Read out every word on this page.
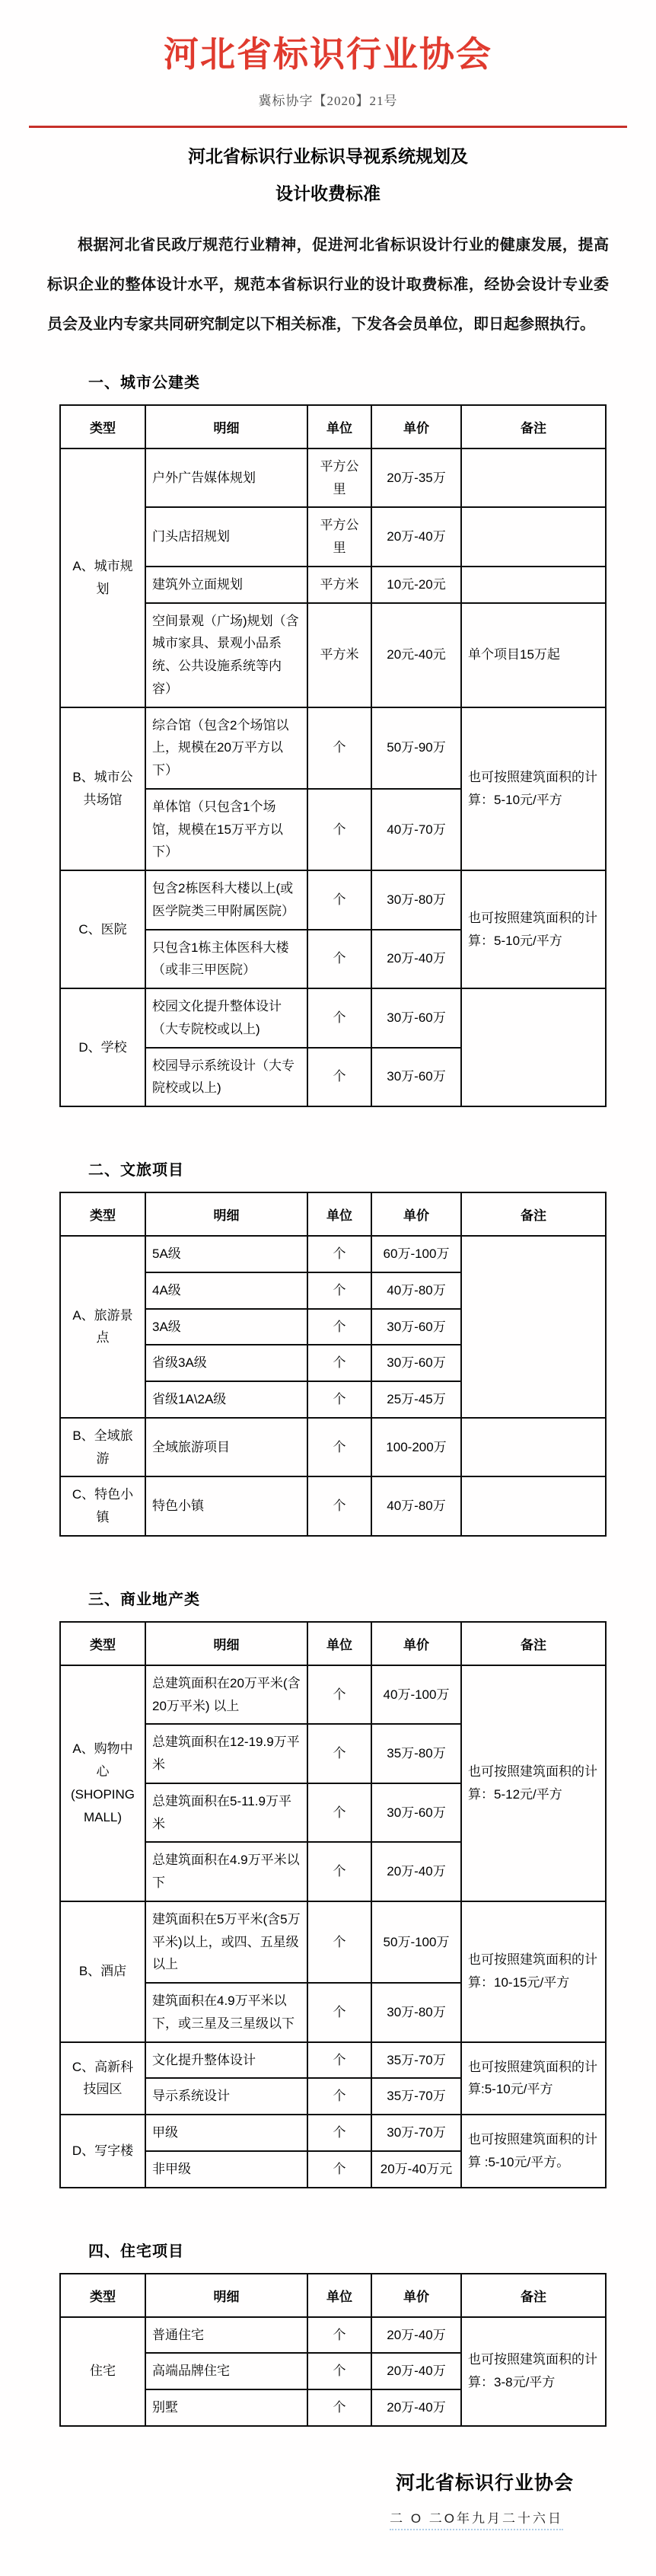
河北省标识行业协会
冀标协字【2020】21号
河北省标识行业标识导视系统规划及
设计收费标准

根据河北省民政厅规范行业精神，促进河北省标识设计行业的健康发展，提高标识企业的整体设计水平，规范本省标识行业的设计取费标准，经协会设计专业委员会及业内专家共同研究制定以下相关标准，下发各会员单位，即日起参照执行。

一、城市公建类
类型	明细	单位	单价	备注
A、城市规划	户外广告媒体规划	平方公里	20万-35万	
	门头店招规划	平方公里	20万-40万	
	建筑外立面规划	平方米	10元-20元	
	空间景观（广场)规划（含城市家具、景观小品系统、公共设施系统等内容）	平方米	20元-40元	单个项目15万起
B、城市公共场馆	综合馆（包含2个场馆以上，规模在20万平方以下）	个	50万-90万	也可按照建筑面积的计算：5-10元/平方
	单体馆（只包含1个场馆，规模在15万平方以下）	个	40万-70万	
C、医院	包含2栋医科大楼以上(或医学院类三甲附属医院）	个	30万-80万	也可按照建筑面积的计算：5-10元/平方
	只包含1栋主体医科大楼（或非三甲医院）	个	20万-40万	
D、学校	校园文化提升整体设计（大专院校或以上)	个	30万-60万	
	校园导示系统设计（大专院校或以上)	个	30万-60万	
二、文旅项目
类型	明细	单位	单价	备注
A、旅游景点	5A级	个	60万-100万	
	4A级	个	40万-80万	
	3A级	个	30万-60万	
	省级3A级	个	30万-60万	
	省级1A\2A级	个	25万-45万	
B、全域旅游	全域旅游项目	个	100-200万	
C、特色小镇	特色小镇	个	40万-80万	
三、商业地产类
类型	明细	单位	单价	备注
A、购物中心 (SHOPING MALL)	总建筑面积在20万平米(含20万平米) 以上	个	40万-100万	也可按照建筑面积的计算：5-12元/平方
	总建筑面积在12-19.9万平米	个	35万-80万	
	总建筑面积在5-11.9万平米	个	30万-60万	
	总建筑面积在4.9万平米以下	个	20万-40万	
B、酒店	建筑面积在5万平米(含5万平米)以上，或四、五星级以上	个	50万-100万	也可按照建筑面积的计算：10-15元/平方
	建筑面积在4.9万平米以下，或三星及三星级以下	个	30万-80万	
C、高新科技园区	文化提升整体设计	个	35万-70万	也可按照建筑面积的计算:5-10元/平方
	导示系统设计	个	35万-70万	
D、写字楼	甲级	个	30万-70万	也可按照建筑面积的计算 :5-10元/平方。
	非甲级	个	20万-40万元	
四、住宅项目
类型	明细	单位	单价	备注
住宅	普通住宅	个	20万-40万	也可按照建筑面积的计算：3-8元/平方
	高端品牌住宅	个	20万-40万	
	别墅	个	20万-40万	
河北省标识行业协会
二 O 二O年九月二十六日
